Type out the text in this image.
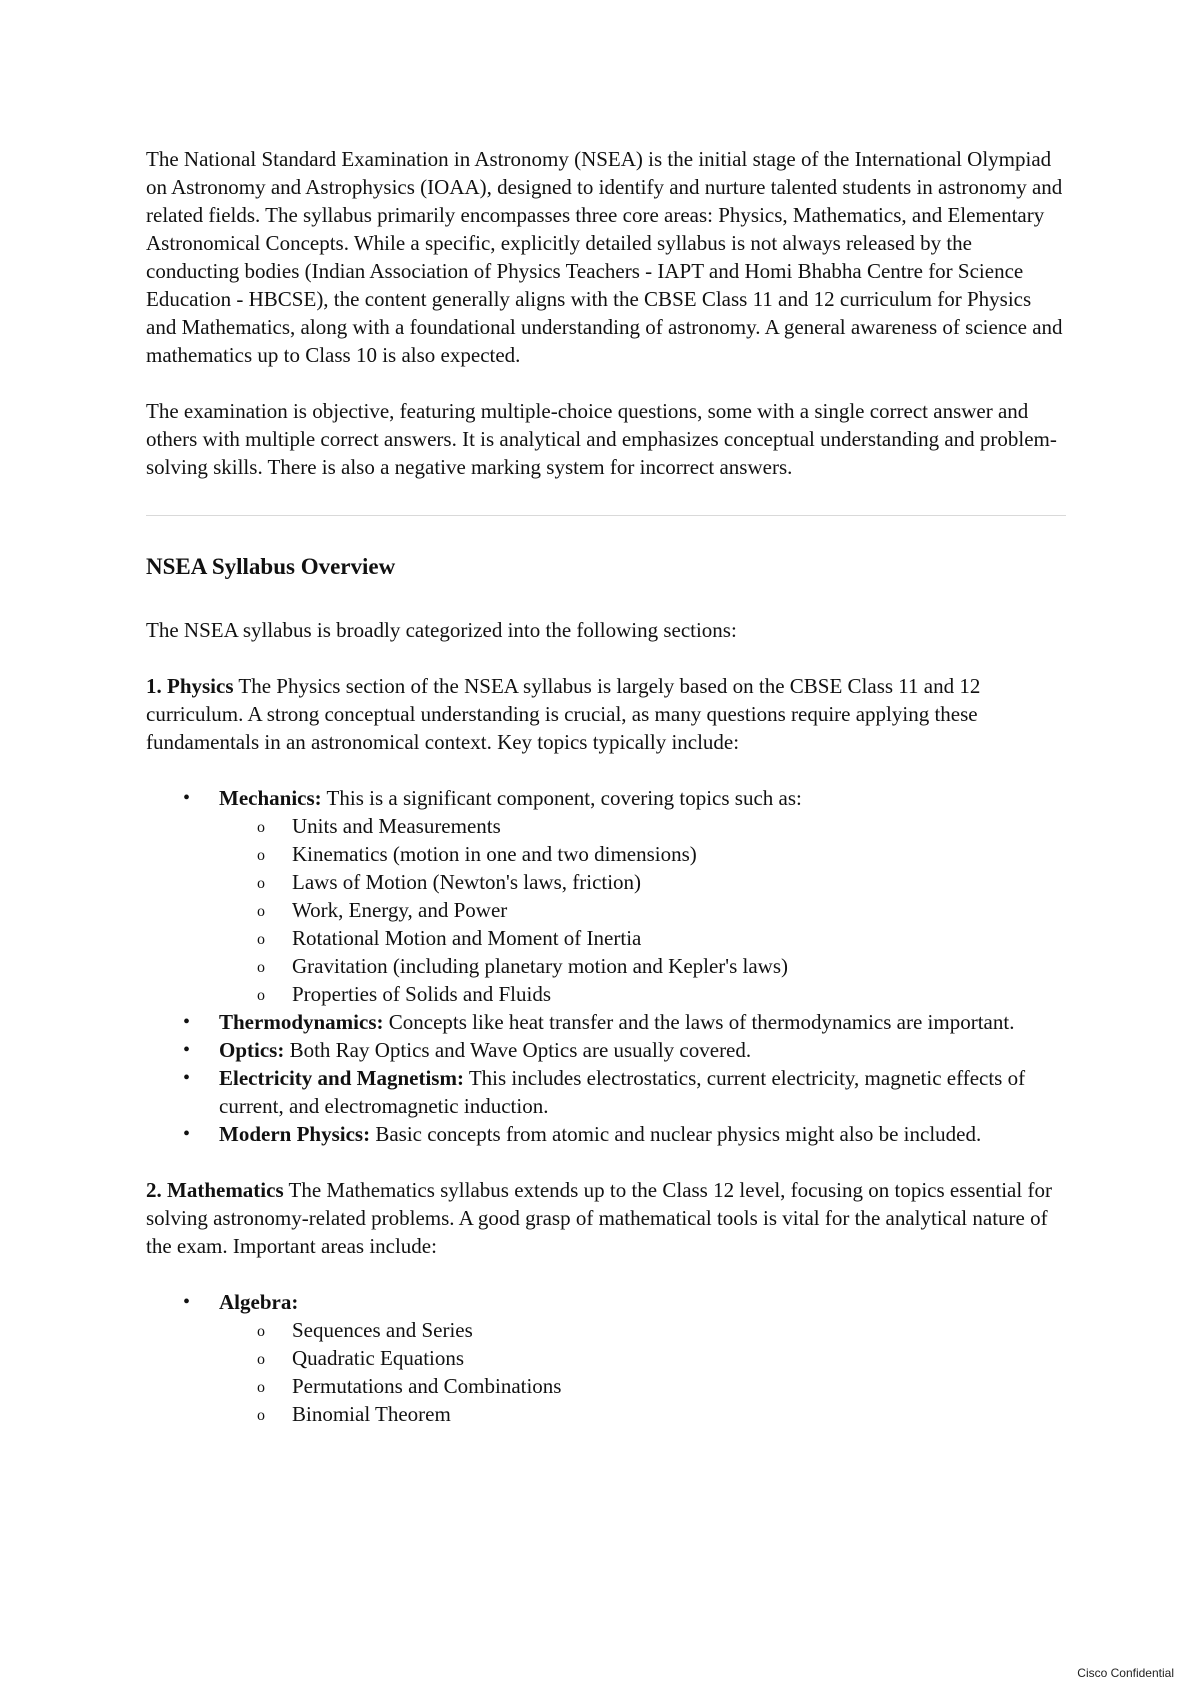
The National Standard Examination in Astronomy (NSEA) is the initial stage of the International Olympiad on Astronomy and Astrophysics (IOAA), designed to identify and nurture talented students in astronomy and related fields. The syllabus primarily encompasses three core areas: Physics, Mathematics, and Elementary Astronomical Concepts. While a specific, explicitly detailed syllabus is not always released by the conducting bodies (Indian Association of Physics Teachers - IAPT and Homi Bhabha Centre for Science Education - HBCSE), the content generally aligns with the CBSE Class 11 and 12 curriculum for Physics and Mathematics, along with a foundational understanding of astronomy. A general awareness of science and mathematics up to Class 10 is also expected.

The examination is objective, featuring multiple-choice questions, some with a single correct answer and others with multiple correct answers. It is analytical and emphasizes conceptual understanding and problem-solving skills. There is also a negative marking system for incorrect answers.

NSEA Syllabus Overview

The NSEA syllabus is broadly categorized into the following sections:

1. Physics The Physics section of the NSEA syllabus is largely based on the CBSE Class 11 and 12 curriculum. A strong conceptual understanding is crucial, as many questions require applying these fundamentals in an astronomical context. Key topics typically include:

• Mechanics: This is a significant component, covering topics such as:
o Units and Measurements
o Kinematics (motion in one and two dimensions)
o Laws of Motion (Newton's laws, friction)
o Work, Energy, and Power
o Rotational Motion and Moment of Inertia
o Gravitation (including planetary motion and Kepler's laws)
o Properties of Solids and Fluids
• Thermodynamics: Concepts like heat transfer and the laws of thermodynamics are important.
• Optics: Both Ray Optics and Wave Optics are usually covered.
• Electricity and Magnetism: This includes electrostatics, current electricity, magnetic effects of current, and electromagnetic induction.
• Modern Physics: Basic concepts from atomic and nuclear physics might also be included.

2. Mathematics The Mathematics syllabus extends up to the Class 12 level, focusing on topics essential for solving astronomy-related problems. A good grasp of mathematical tools is vital for the analytical nature of the exam. Important areas include:

• Algebra:
o Sequences and Series
o Quadratic Equations
o Permutations and Combinations
o Binomial Theorem
Cisco Confidential
